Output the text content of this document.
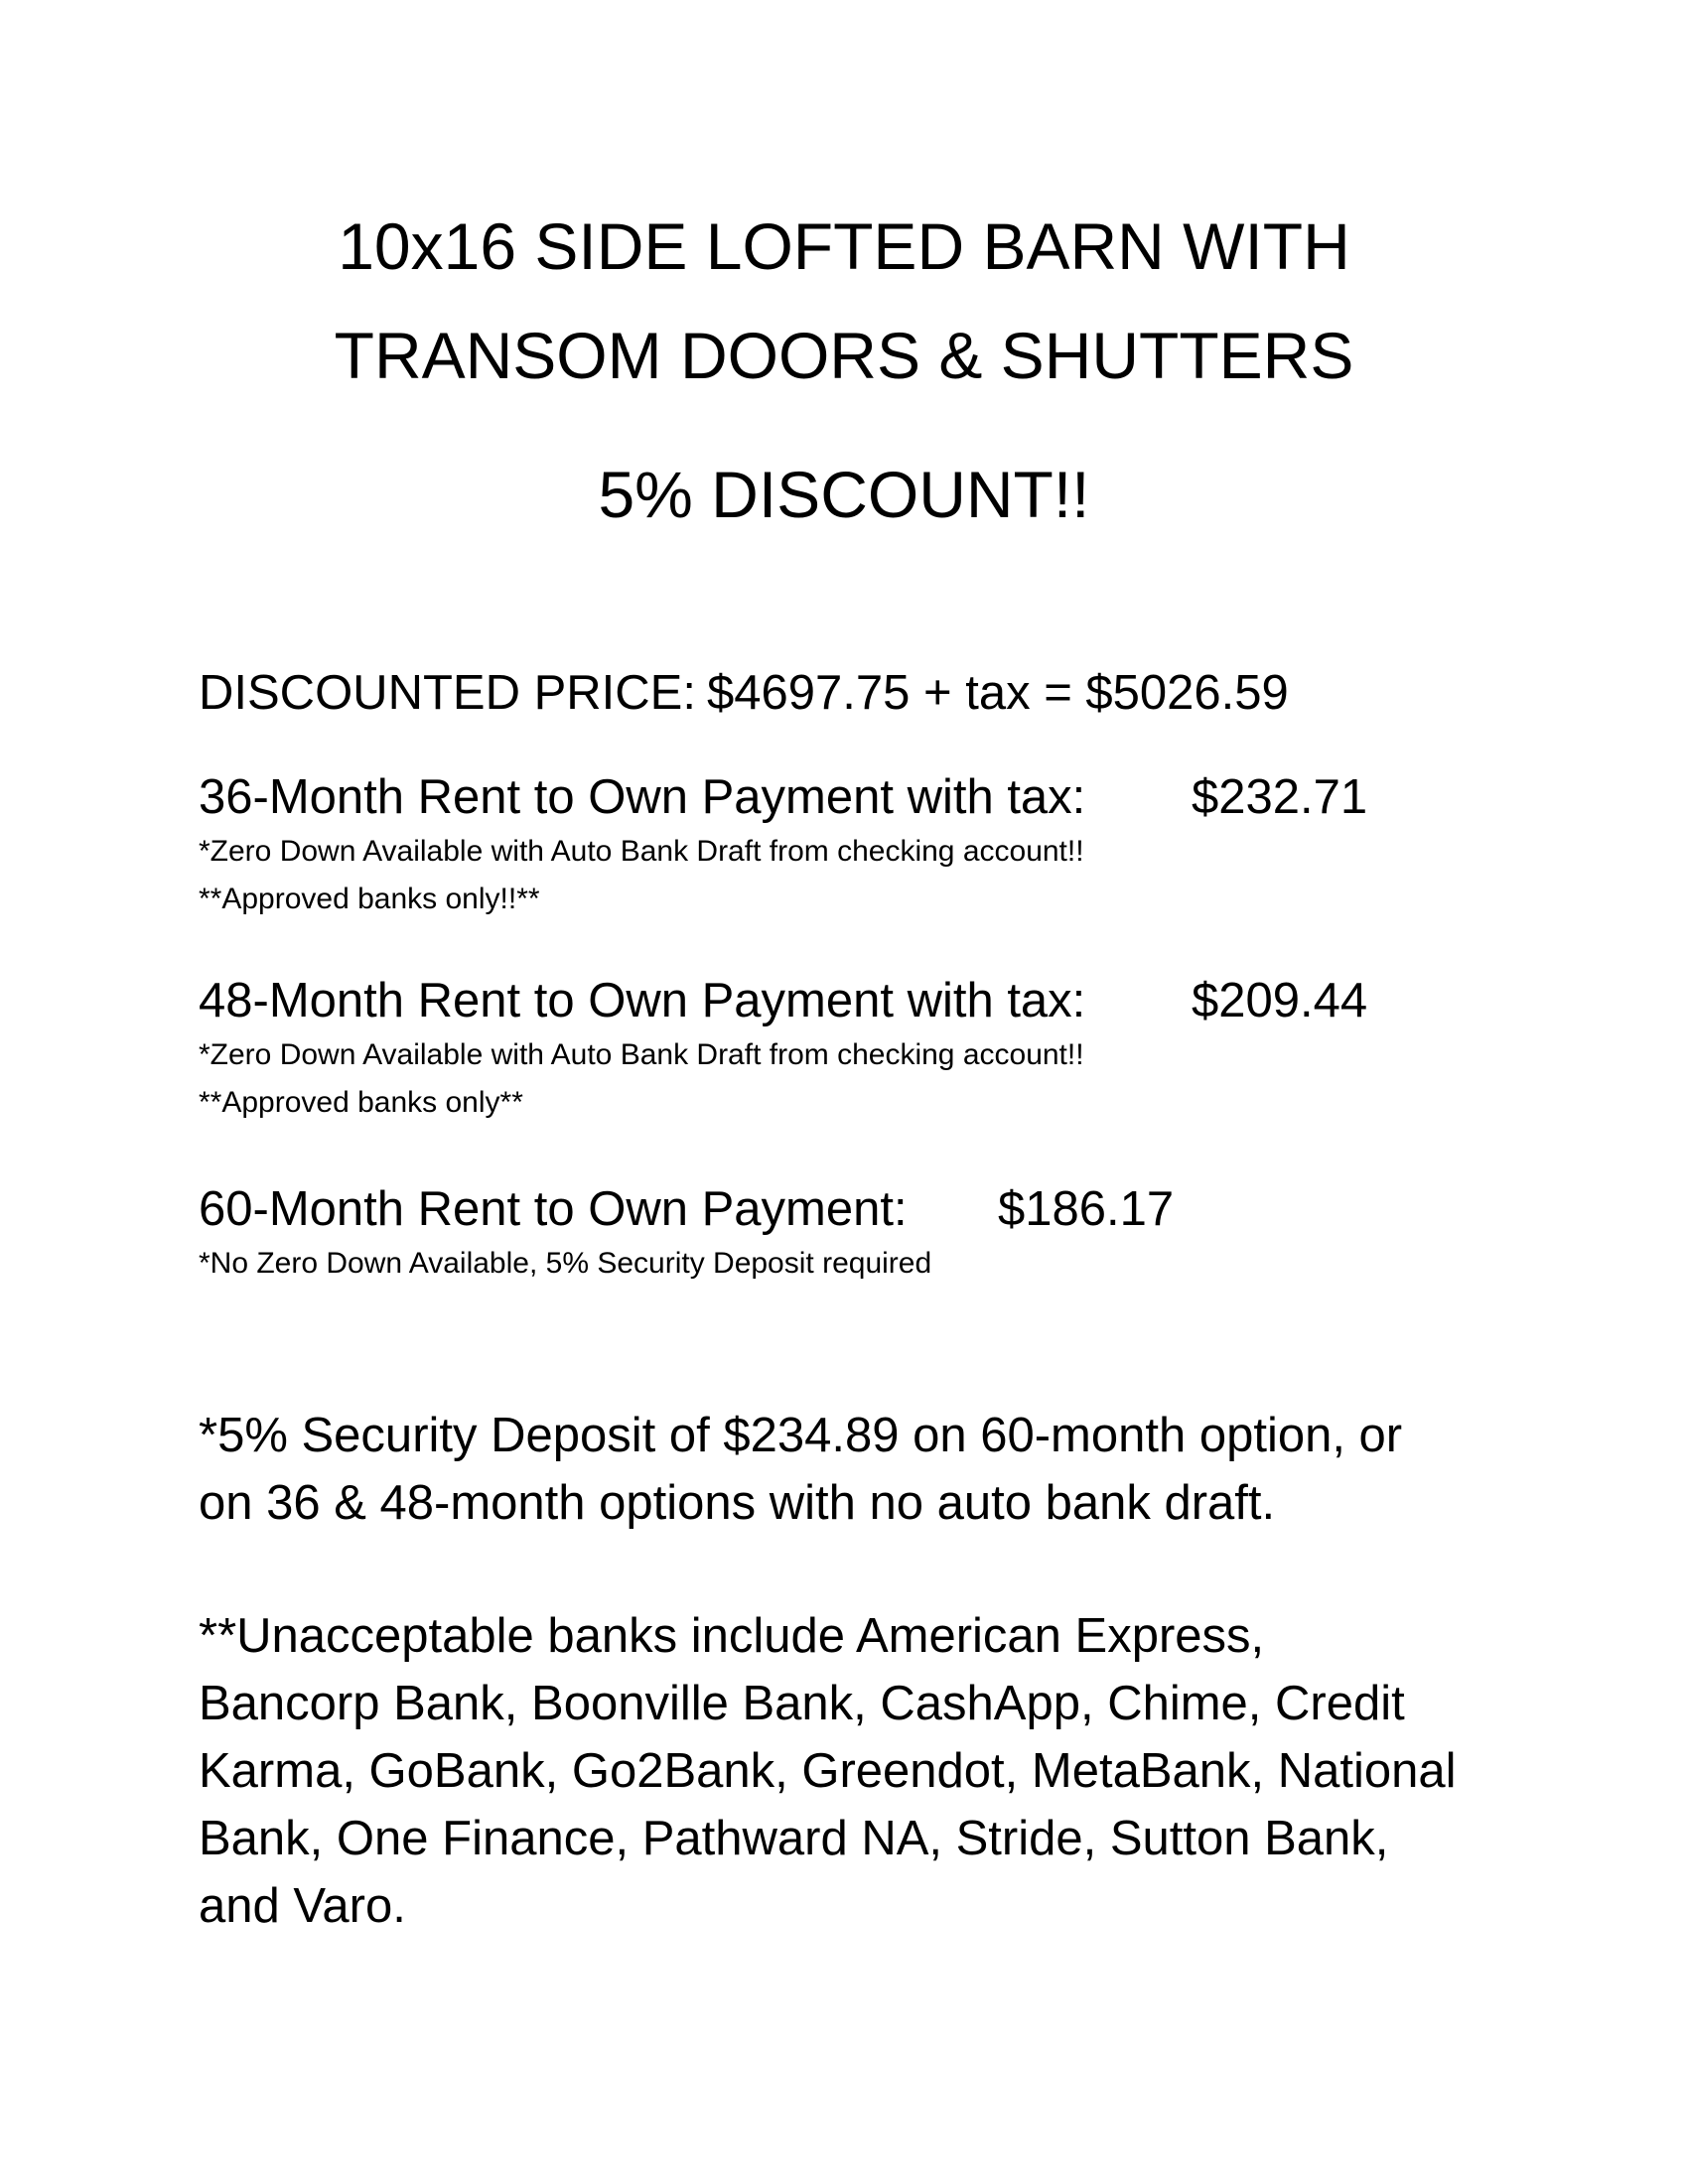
10x16 SIDE LOFTED BARN WITH
TRANSOM DOORS & SHUTTERS
5% DISCOUNT!!
DISCOUNTED PRICE: $4697.75 + tax = $5026.59
36-Month Rent to Own Payment with tax: $232.71
*Zero Down Available with Auto Bank Draft from checking account!!
**Approved banks only!!**
48-Month Rent to Own Payment with tax: $209.44
*Zero Down Available with Auto Bank Draft from checking account!!
**Approved banks only**
60-Month Rent to Own Payment: $186.17
*No Zero Down Available, 5% Security Deposit required
*5% Security Deposit of $234.89 on 60-month option, or
on 36 & 48-month options with no auto bank draft.
**Unacceptable banks include American Express,
Bancorp Bank, Boonville Bank, CashApp, Chime, Credit
Karma, GoBank, Go2Bank, Greendot, MetaBank, National
Bank, One Finance, Pathward NA, Stride, Sutton Bank,
and Varo.
